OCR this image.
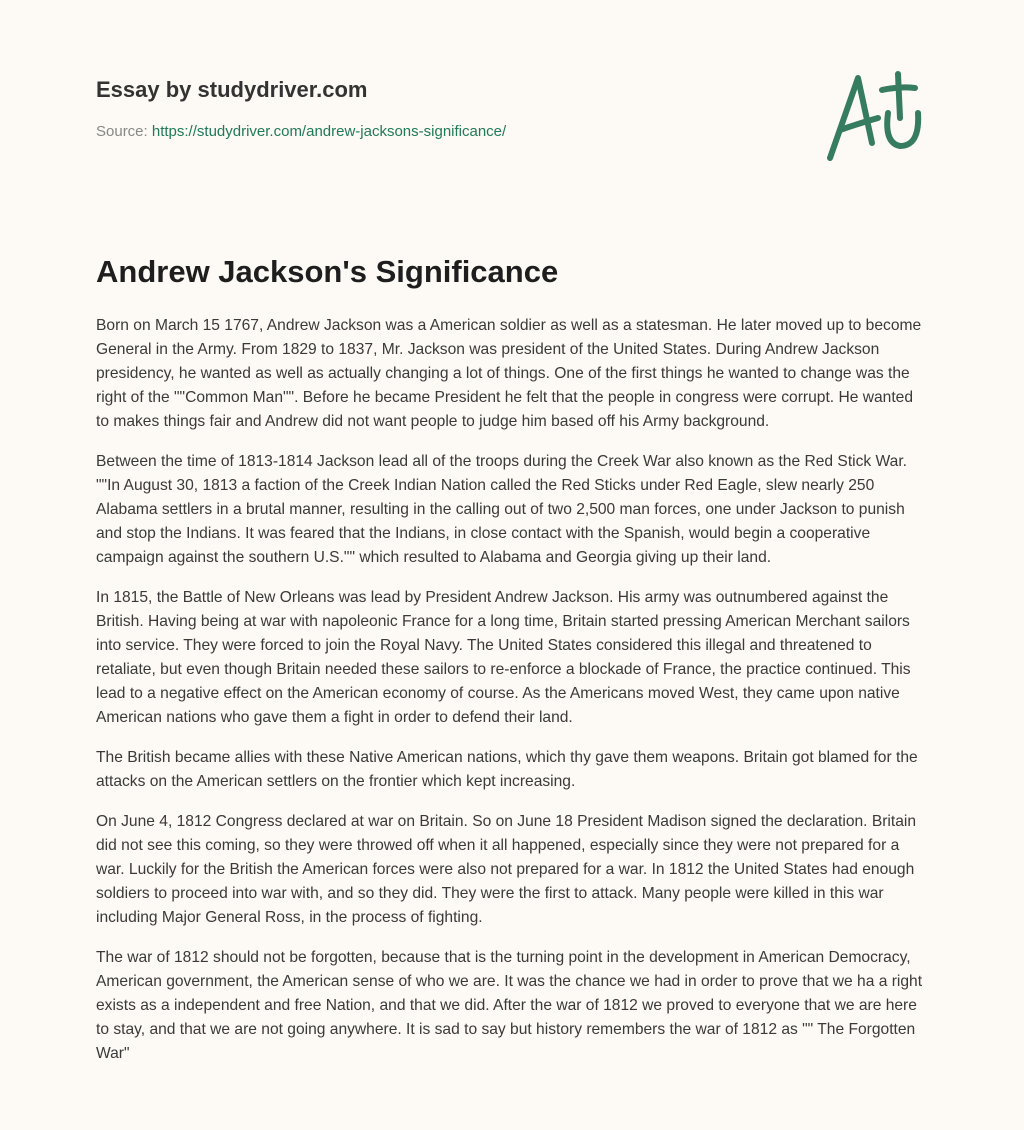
Essay by studydriver.com
Source: https://studydriver.com/andrew-jacksons-significance/
Andrew Jackson's Significance

Born on March 15 1767, Andrew Jackson was a American soldier as well as a statesman. He later moved up to become General in the Army. From 1829 to 1837, Mr. Jackson was president of the United States. During Andrew Jackson presidency, he wanted as well as actually changing a lot of things. One of the first things he wanted to change was the right of the ""Common Man"". Before he became President he felt that the people in congress were corrupt. He wanted to makes things fair and Andrew did not want people to judge him based off his Army background.

Between the time of 1813-1814 Jackson lead all of the troops during the Creek War also known as the Red Stick War. ""In August 30, 1813 a faction of the Creek Indian Nation called the Red Sticks under Red Eagle, slew nearly 250 Alabama settlers in a brutal manner, resulting in the calling out of two 2,500 man forces, one under Jackson to punish and stop the Indians. It was feared that the Indians, in close contact with the Spanish, would begin a cooperative campaign against the southern U.S."" which resulted to Alabama and Georgia giving up their land.

In 1815, the Battle of New Orleans was lead by President Andrew Jackson. His army was outnumbered against the British. Having being at war with napoleonic France for a long time, Britain started pressing American Merchant sailors into service. They were forced to join the Royal Navy. The United States considered this illegal and threatened to retaliate, but even though Britain needed these sailors to re-enforce a blockade of France, the practice continued. This lead to a negative effect on the American economy of course. As the Americans moved West, they came upon native American nations who gave them a fight in order to defend their land.

The British became allies with these Native American nations, which thy gave them weapons. Britain got blamed for the attacks on the American settlers on the frontier which kept increasing.

On June 4, 1812 Congress declared at war on Britain. So on June 18 President Madison signed the declaration. Britain did not see this coming, so they were throwed off when it all happened, especially since they were not prepared for a war. Luckily for the British the American forces were also not prepared for a war. In 1812 the United States had enough soldiers to proceed into war with, and so they did. They were the first to attack. Many people were killed in this war including Major General Ross, in the process of fighting.

The war of 1812 should not be forgotten, because that is the turning point in the development in American Democracy, American government, the American sense of who we are. It was the chance we had in order to prove that we ha a right exists as a independent and free Nation, and that we did. After the war of 1812 we proved to everyone that we are here to stay, and that we are not going anywhere. It is sad to say but history remembers the war of 1812 as "" The Forgotten War"
